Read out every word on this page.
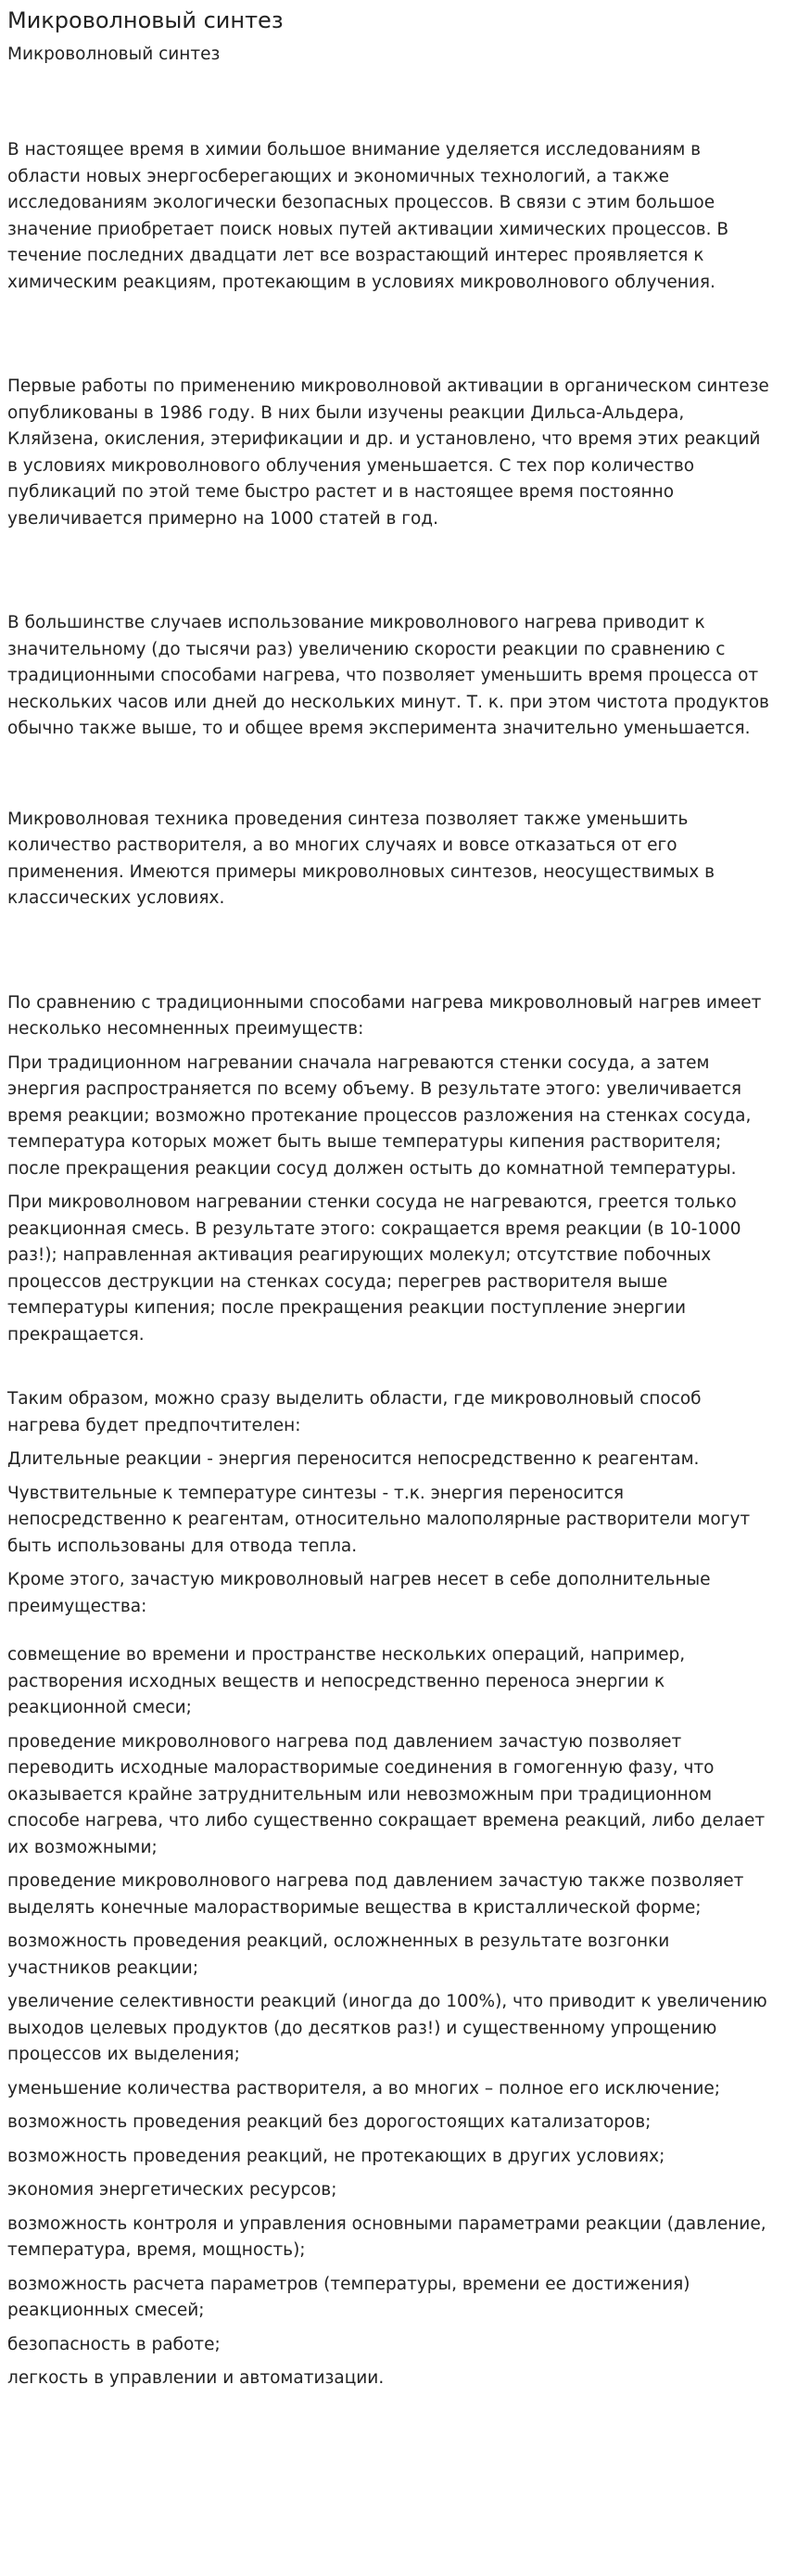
Микроволновый синтез
Микроволновый синтез

В настоящее время в химии большое внимание уделяется исследованиям в области новых энергосберегающих и экономичных технологий, а также исследованиям экологически безопасных процессов. В связи с этим большое значение приобретает поиск новых путей активации химических процессов. В течение последних двадцати лет все возрастающий интерес проявляется к химическим реакциям, протекающим в условиях микроволнового облучения.

Первые работы по применению микроволновой активации в органическом синтезе опубликованы в 1986 году. В них были изучены реакции Дильса-Альдера, Кляйзена, окисления, этерификации и др. и установлено, что время этих реакций в условиях микроволнового облучения уменьшается. С тех пор количество публикаций по этой теме быстро растет и в настоящее время постоянно увеличивается примерно на 1000 статей в год.

В большинстве случаев использование микроволнового нагрева приводит к значительному (до тысячи раз) увеличению скорости реакции по сравнению с традиционными способами нагрева, что позволяет уменьшить время процесса от нескольких часов или дней до нескольких минут. Т. к. при этом чистота продуктов обычно также выше, то и общее время эксперимента значительно уменьшается.

Микроволновая техника проведения синтеза позволяет также уменьшить количество растворителя, а во многих случаях и вовсе отказаться от его применения. Имеются примеры микроволновых синтезов, неосуществимых в классических условиях.

По сравнению с традиционными способами нагрева микроволновый нагрев имеет несколько несомненных преимуществ:

При традиционном нагревании сначала нагреваются стенки сосуда, а затем энергия распространяется по всему объему. В результате этого: увеличивается время реакции; возможно протекание процессов разложения на стенках сосуда, температура которых может быть выше температуры кипения растворителя; после прекращения реакции сосуд должен остыть до комнатной температуры.

При микроволновом нагревании стенки сосуда не нагреваются, греется только реакционная смесь. В результате этого: сокращается время реакции (в 10-1000 раз!); направленная активация реагирующих молекул; отсутствие побочных процессов деструкции на стенках сосуда; перегрев растворителя выше температуры кипения; после прекращения реакции поступление энергии прекращается.

Таким образом, можно сразу выделить области, где микроволновый способ нагрева будет предпочтителен:

Длительные реакции - энергия переносится непосредственно к реагентам.

Чувствительные к температуре синтезы - т.к. энергия переносится непосредственно к реагентам, относительно малополярные растворители могут быть использованы для отвода тепла.

Кроме этого, зачастую микроволновый нагрев несет в себе дополнительные преимущества:

совмещение во времени и пространстве нескольких операций, например, растворения исходных веществ и непосредственно переноса энергии к реакционной смеси;

проведение микроволнового нагрева под давлением зачастую позволяет переводить исходные малорастворимые соединения в гомогенную фазу, что оказывается крайне затруднительным или невозможным при традиционном способе нагрева, что либо существенно сокращает времена реакций, либо делает их возможными;

проведение микроволнового нагрева под давлением зачастую также позволяет выделять конечные малорастворимые вещества в кристаллической форме;

возможность проведения реакций, осложненных в результате возгонки участников реакции;

увеличение селективности реакций (иногда до 100%), что приводит к увеличению выходов целевых продуктов (до десятков раз!) и существенному упрощению процессов их выделения;

уменьшение количества растворителя, а во многих – полное его исключение;

возможность проведения реакций без дорогостоящих катализаторов;

возможность проведения реакций, не протекающих в других условиях;

экономия энергетических ресурсов;

возможность контроля и управления основными параметрами реакции (давление, температура, время, мощность);

возможность расчета параметров (температуры, времени ее достижения) реакционных смесей;

безопасность в работе;

легкость в управлении и автоматизации.
